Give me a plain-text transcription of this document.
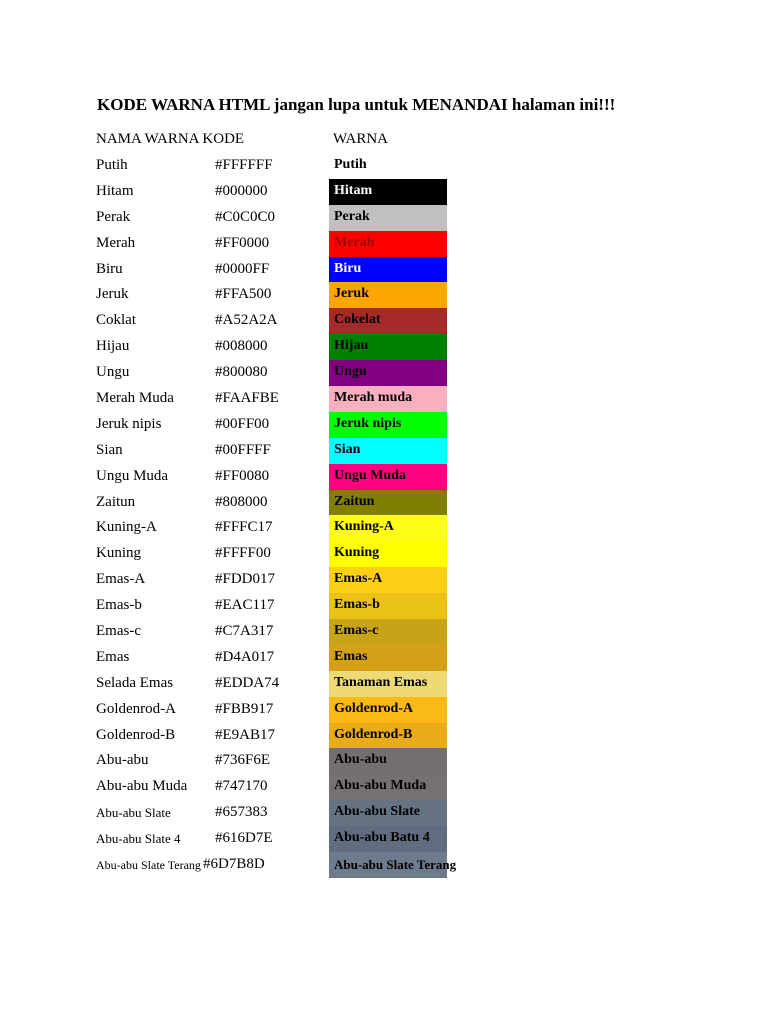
KODE WARNA HTML jangan lupa untuk MENANDAI halaman ini!!!
NAMA WARNA KODE	WARNA
Putih	#FFFFFF	Putih
Hitam	#000000	Hitam
Perak	#C0C0C0	Perak
Merah	#FF0000	Merah
Biru	#0000FF	Biru
Jeruk	#FFA500	Jeruk
Coklat	#A52A2A	Cokelat
Hijau	#008000	Hijau
Ungu	#800080	Ungu
Merah Muda	#FAAFBE	Merah muda
Jeruk nipis	#00FF00	Jeruk nipis
Sian	#00FFFF	Sian
Ungu Muda	#FF0080	Ungu Muda
Zaitun	#808000	Zaitun
Kuning-A	#FFFC17	Kuning-A
Kuning	#FFFF00	Kuning
Emas-A	#FDD017	Emas-A
Emas-b	#EAC117	Emas-b
Emas-c	#C7A317	Emas-c
Emas	#D4A017	Emas
Selada Emas	#EDDA74	Tanaman Emas
Goldenrod-A	#FBB917	Goldenrod-A
Goldenrod-B	#E9AB17	Goldenrod-B
Abu-abu	#736F6E	Abu-abu
Abu-abu Muda #747170	Abu-abu Muda
Abu-abu Slate	#657383	Abu-abu Slate
Abu-abu Slate 4 #616D7E	Abu-abu Batu 4
Abu-abu Slate Terang #6D7B8D	Abu-abu Slate Terang
